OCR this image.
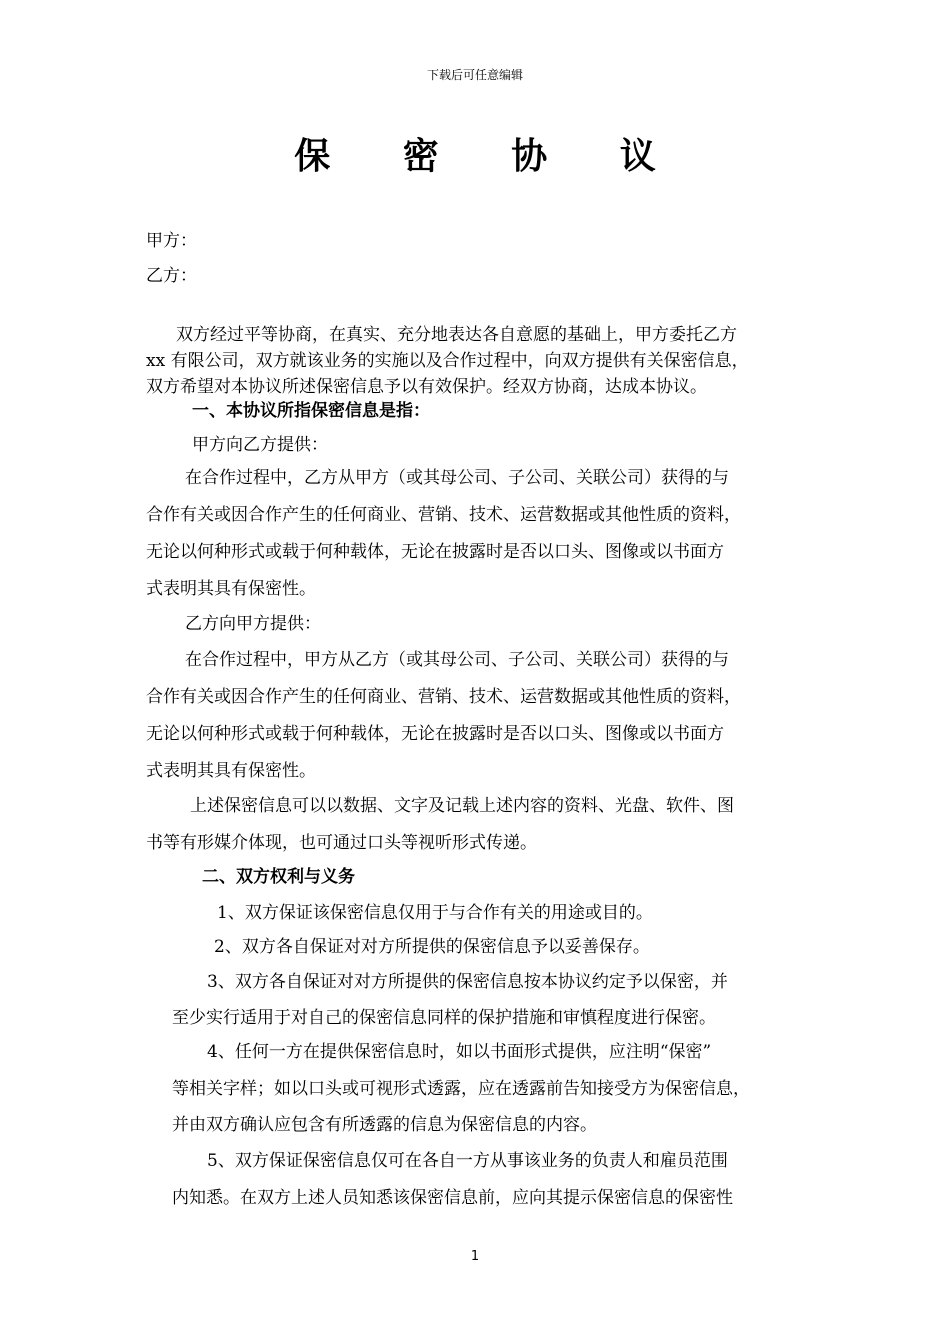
下载后可任意编辑
保 密 协 议
甲方：
乙方：
双方经过平等协商，在真实、充分地表达各自意愿的基础上，甲方委托乙方
xx 有限公司，双方就该业务的实施以及合作过程中，向双方提供有关保密信息，
双方希望对本协议所述保密信息予以有效保护。经双方协商，达成本协议。
一、本协议所指保密信息是指：
甲方向乙方提供：
在合作过程中，乙方从甲方（或其母公司、子公司、关联公司）获得的与
合作有关或因合作产生的任何商业、营销、技术、运营数据或其他性质的资料，
无论以何种形式或载于何种载体，无论在披露时是否以口头、图像或以书面方
式表明其具有保密性。
乙方向甲方提供：
在合作过程中，甲方从乙方（或其母公司、子公司、关联公司）获得的与
合作有关或因合作产生的任何商业、营销、技术、运营数据或其他性质的资料，
无论以何种形式或载于何种载体，无论在披露时是否以口头、图像或以书面方
式表明其具有保密性。
上述保密信息可以以数据、文字及记载上述内容的资料、光盘、软件、图
书等有形媒介体现，也可通过口头等视听形式传递。
二、双方权利与义务
1、双方保证该保密信息仅用于与合作有关的用途或目的。
2、双方各自保证对对方所提供的保密信息予以妥善保存。
3、双方各自保证对对方所提供的保密信息按本协议约定予以保密，并
至少实行适用于对自己的保密信息同样的保护措施和审慎程度进行保密。
4、任何一方在提供保密信息时，如以书面形式提供，应注明“保密”
等相关字样；如以口头或可视形式透露，应在透露前告知接受方为保密信息，
并由双方确认应包含有所透露的信息为保密信息的内容。
5、双方保证保密信息仅可在各自一方从事该业务的负责人和雇员范围
内知悉。在双方上述人员知悉该保密信息前，应向其提示保密信息的保密性
1
